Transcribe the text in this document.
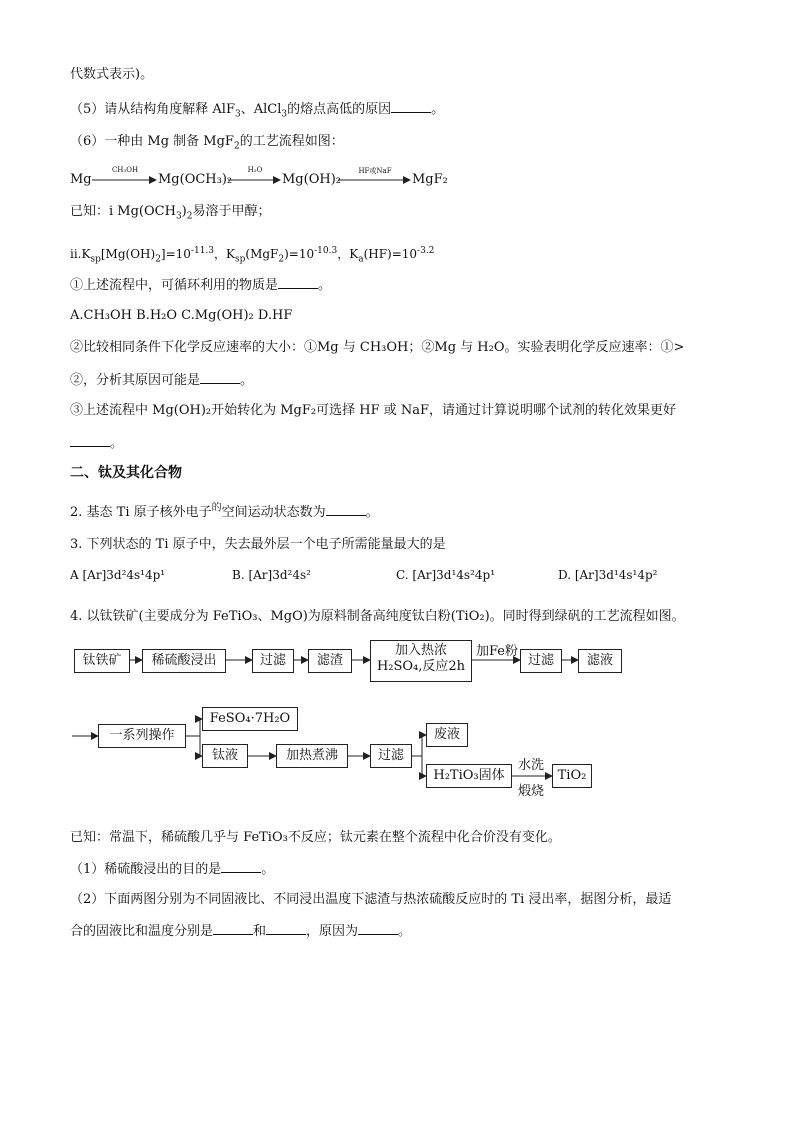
代数式表示)。
（5）请从结构角度解释 AlF$_3$、AlCl$_3$的熔点高低的原因	。
（6）一种由 Mg 制备 MgF$_2$的工艺流程如图：
Mg
CH₃OH
Mg(OCH₃)₂
H₂O
Mg(OH)₂
HF或NaF
MgF₂
已知：i $Mg(OCH_3)_2$易溶于甲醇；
$ii.K_{sp}[Mg(OH)_2]=10^{-11.3}$，$K_{sp}(MgF_2)=10^{-10.3}$，$K_a(HF)=10^{-3.2}$
①上述流程中，可循环利用的物质是	。
A.CH₃OH B.H₂O C.Mg(OH)₂ D.HF
②比较相同条件下化学反应速率的大小：①Mg 与 CH₃OH；②Mg 与 H₂O。实验表明化学反应速率：①>
②，分析其原因可能是	。
③上述流程中 Mg(OH)₂开始转化为 MgF₂可选择 HF 或 NaF，请通过计算说明哪个试剂的转化效果更好
。
二、钛及其化合物
2. 基态 Ti 原子核外电子$^的$空间运动状态数为	。
3. 下列状态的 Ti 原子中，失去最外层一个电子所需能量最大的是
A [Ar]3d²4s¹4p¹	B. [Ar]3d²4s²	C. [Ar]3d¹4s²4p¹	D. [Ar]3d¹4s¹4p²
4. 以钛铁矿(主要成分为 FeTiO₃、MgO)为原料制备高纯度钛白粉(TiO₂)。同时得到绿矾的工艺流程如图。
钛铁矿	稀硫酸浸出	过滤	滤渣
加入热浓
H₂SO₄,反应2h
加Fe粉
过滤	滤液
一系列操作
FeSO₄·7H₂O
钛液	加热煮沸	过滤
废液
H₂TiO₃固体
水洗
煅烧
TiO₂
已知：常温下，稀硫酸几乎与 FeTiO₃不反应；钛元素在整个流程中化合价没有变化。
（1）稀硫酸浸出的目的是	。
（2）下面两图分别为不同固液比、不同浸出温度下滤渣与热浓硫酸反应时的 Ti 浸出率，据图分析，最适
合的固液比和温度分别是	和	，原因为	。
